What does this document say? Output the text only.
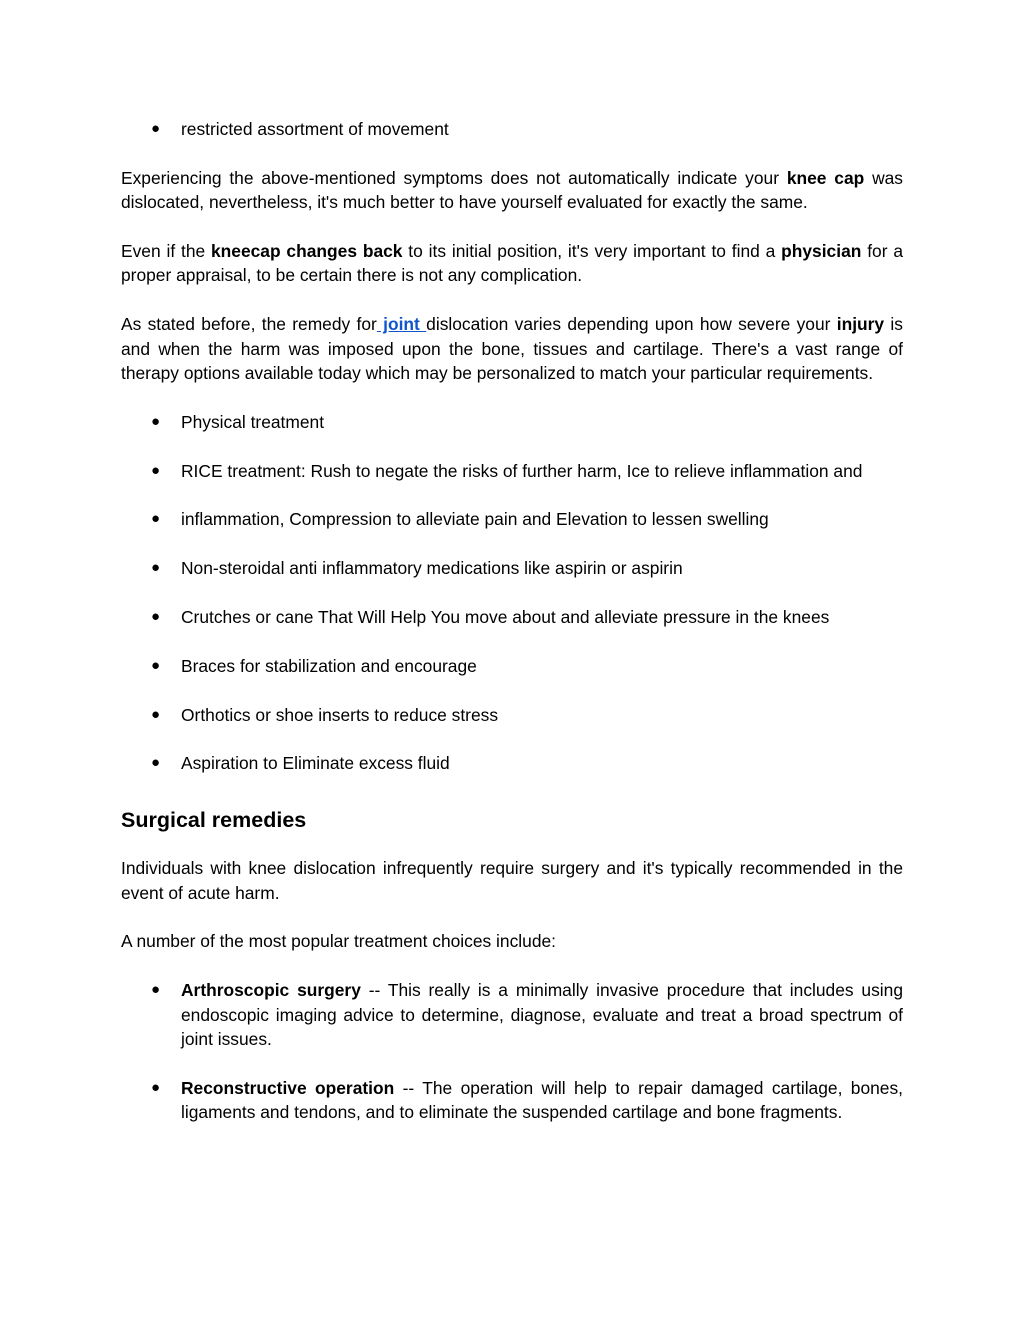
● restricted assortment of movement

Experiencing the above-mentioned symptoms does not automatically indicate your knee cap was dislocated, nevertheless, it's much better to have yourself evaluated for exactly the same.

Even if the kneecap changes back to its initial position, it's very important to find a physician for a proper appraisal, to be certain there is not any complication.

As stated before, the remedy for joint dislocation varies depending upon how severe your injury is and when the harm was imposed upon the bone, tissues and cartilage. There's a vast range of therapy options available today which may be personalized to match your particular requirements.

● Physical treatment
● RICE treatment: Rush to negate the risks of further harm, Ice to relieve inflammation and
● inflammation, Compression to alleviate pain and Elevation to lessen swelling
● Non-steroidal anti inflammatory medications like aspirin or aspirin
● Crutches or cane That Will Help You move about and alleviate pressure in the knees
● Braces for stabilization and encourage
● Orthotics or shoe inserts to reduce stress
● Aspiration to Eliminate excess fluid
Surgical remedies

Individuals with knee dislocation infrequently require surgery and it's typically recommended in the event of acute harm.

A number of the most popular treatment choices include:

● Arthroscopic surgery -- This really is a minimally invasive procedure that includes using endoscopic imaging advice to determine, diagnose, evaluate and treat a broad spectrum of joint issues.
● Reconstructive operation -- The operation will help to repair damaged cartilage, bones, ligaments and tendons, and to eliminate the suspended cartilage and bone fragments.
